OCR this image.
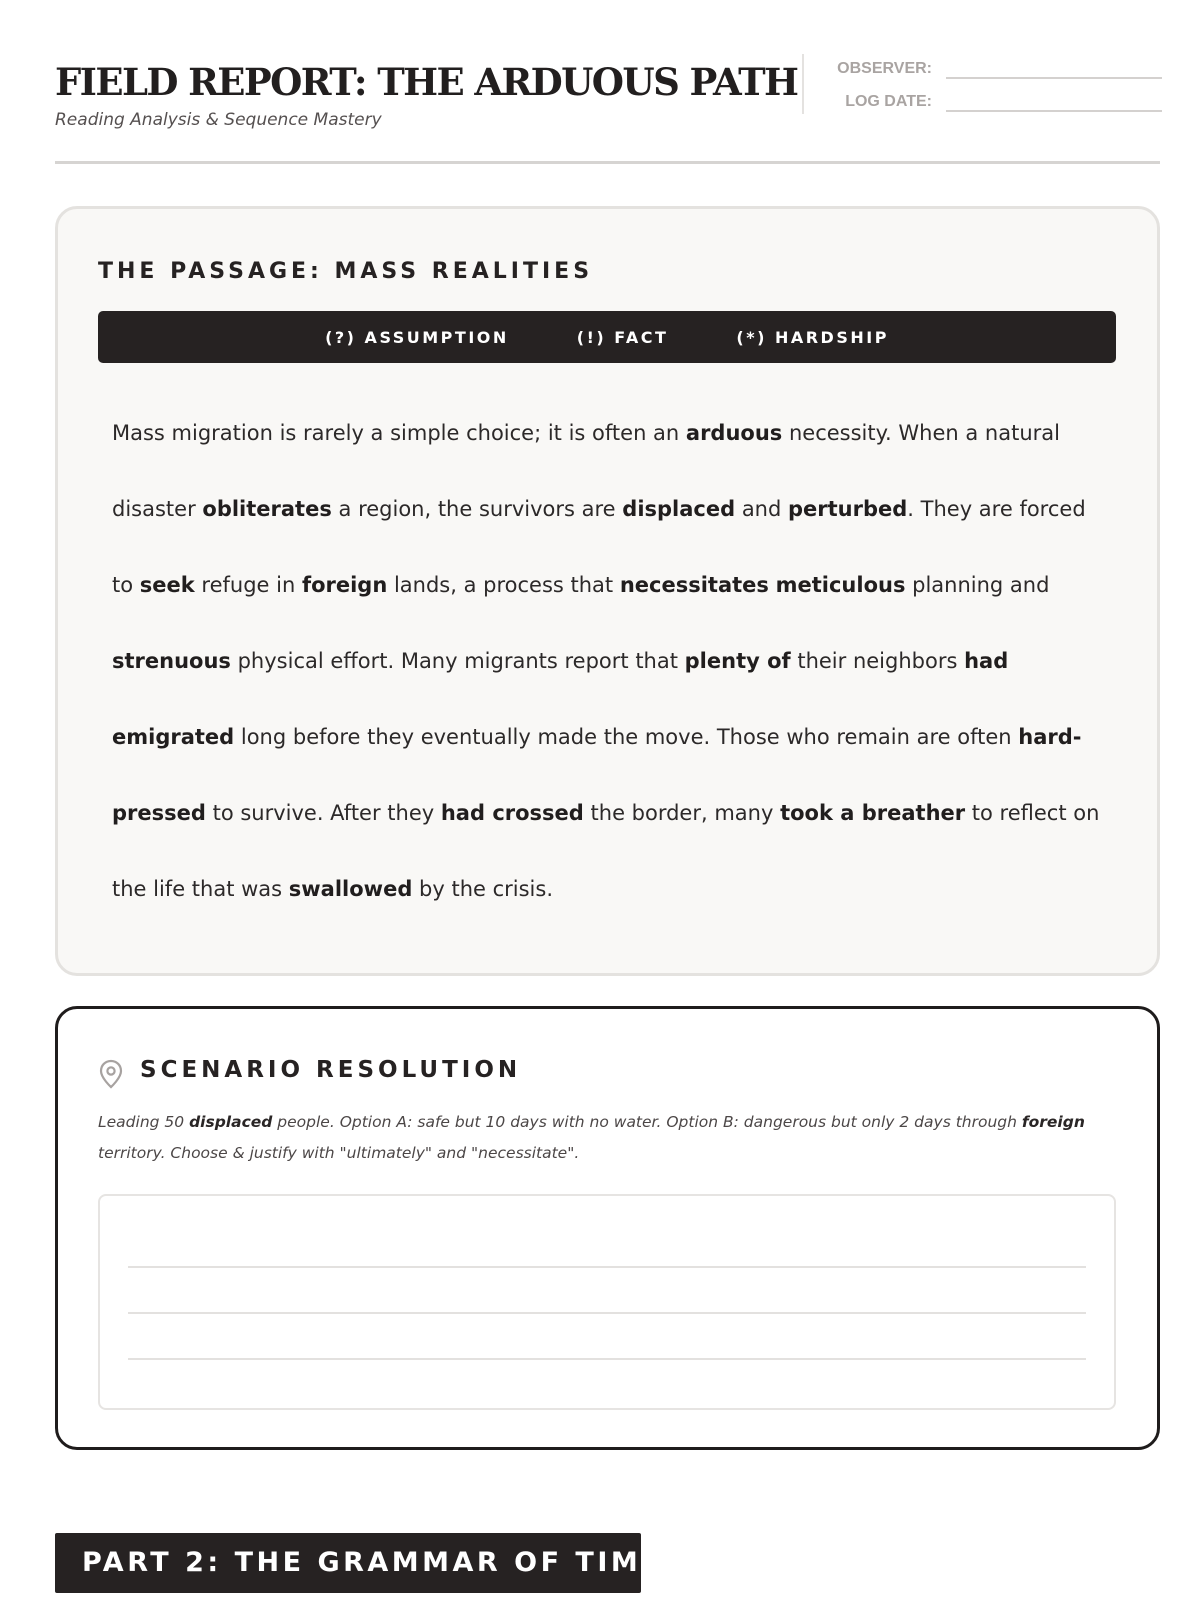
FIELD REPORT: THE ARDUOUS PATH
Reading Analysis & Sequence Mastery
OBSERVER:
LOG DATE:
THE PASSAGE: MASS REALITIES
(?) ASSUMPTION	(!) FACT	(*) HARDSHIP
Mass migration is rarely a simple choice; it is often an arduous necessity. When a natural disaster obliterates a region, the survivors are displaced and perturbed. They are forced to seek refuge in foreign lands, a process that necessitates meticulous planning and strenuous physical effort. Many migrants report that plenty of their neighbors had emigrated long before they eventually made the move. Those who remain are often hard-pressed to survive. After they had crossed the border, many took a breather to reflect on the life that was swallowed by the crisis.
SCENARIO RESOLUTION
Leading 50 displaced people. Option A: safe but 10 days with no water. Option B: dangerous but only 2 days through foreign territory. Choose & justify with "ultimately" and "necessitate".
PART 2: THE GRAMMAR OF TIME
